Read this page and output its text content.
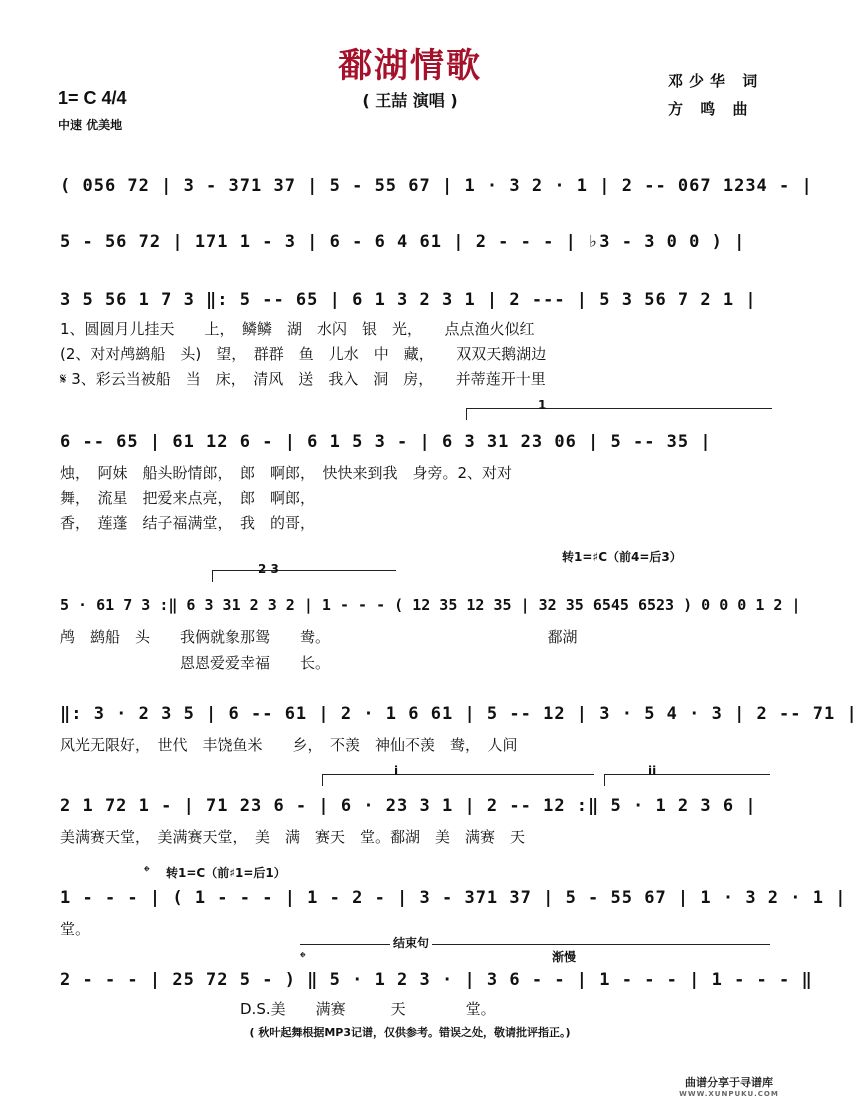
鄱湖情歌
( 王喆 演唱 )
1= C 4/4
中速 优美地
邓少华 词
方 鸣 曲
( 056 72 | 3 - 371 37 | 5 - 55 67 | 1 · 3 2 · 1 | 2 -- 067 1234 - |
5 - 56 72 | 171 1 - 3 | 6 - 6 4 61 | 2 - - - | ♭3 - 3 0 0 ) |
3 5 56 1 7 3 ‖: 5 -- 65 | 6 1 3 2 3 1 | 2 --- | 5 3 56 7 2 1 |
1、圆圆月儿挂天　　上，　鳞鳞　湖　水闪　银　光，　　点点渔火似红
(2、对对鸬鹚船　头)　望，　群群　鱼　儿水　中　藏，　　双双天鹅湖边
𝄋 3、彩云当被船　当　床，　清风　送　我入　洞　房，　　并蒂莲开十里
1
6 -- 65 | 61 12 6 - | 6 1 5 3 - | 6 3 31 23 06 | 5 -- 35 |
烛，　阿妹　船头盼情郎，　郎　啊郎，　快快来到我　身旁。2、对对
舞，　流星　把爱来点亮，　郎　啊郎，
香，　莲蓬　结子福满堂，　我　的哥，
转1=♯C（前4=后3）
2 3
5 · 61 7 3 :‖ 6 3 31 2 3 2 | 1 - - - ( 12 35 12 35 | 32 35 6545 6523 ) 0 0 0 1 2 |
鸬　鹚船　头　　我俩就象那鸳　　鸯。　　　　　　　　　　　　　　　鄱湖
　　　　　　　　恩恩爱爱幸福　　长。
‖: 3 · 2 3 5 | 6 -- 61 | 2 · 1 6 61 | 5 -- 12 | 3 · 5 4 · 3 | 2 -- 71 |
风光无限好，　世代　丰饶鱼米　　乡，　不羡　神仙不羡　鸯，　人间
i	ii
2 1 72 1 - | 71 23 6 - | 6 · 23 3 1 | 2 -- 12 :‖ 5 · 1 2 3 6 |
美满赛天堂，　美满赛天堂，　美　满　赛天　堂。鄱湖　美　满赛　天
𝄌 转1=C（前♯1=后1）
1 - - - | ( 1 - - - | 1 - 2 - | 3 - 371 37 | 5 - 55 67 | 1 · 3 2 · 1 |
堂。
𝄌
结束句
渐慢
2 - - - | 25 72 5 - ) ‖ 5 · 1 2 3 · | 3 6 - - | 1 - - - | 1 - - - ‖
　　　　　　　　　　　　D.S.美　　满赛　　　天　　　　堂。
( 秋叶起舞根据MP3记谱，仅供参考。错误之处，敬请批评指正。)
曲谱分享于寻谱库
WWW.XUNPUKU.COM
